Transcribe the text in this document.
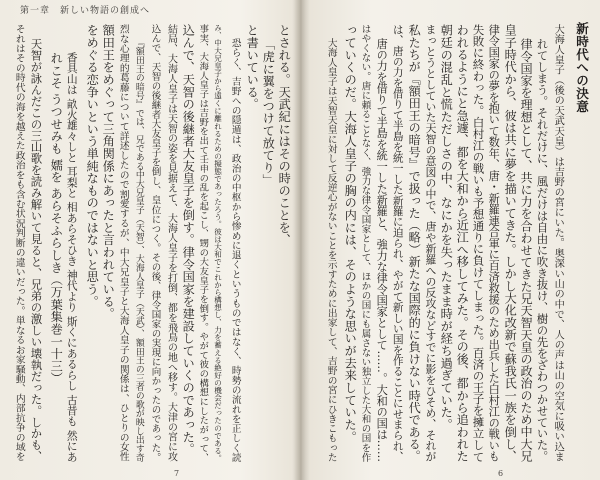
第一章　新しい物語の創成へ
とされる。天武紀にはその時のことを、
「虎に翼をつけて放てり」
と書いている。
恐らく、吉野への隠遁は、政治の中枢から惨めに退くというものではなく、時勢の流れを正しく読
み、中大兄皇子から遠くに離れるための擬態であったろう。彼は大和でこれから構想し、力を蓄える絶好の機会だったのである。
事実、大海人皇子は吉野を出て壬申の乱を起こし、甥の大友皇子を倒す。やがて彼の構想にしたがって、
込んで、天智の後継者大友皇子を倒す。律令国家を建設していくのであった。
結局、大海人皇子は天智の姿を見据えて、大海人皇子を打倒、都を飛鳥の地へ移す。大津の宮に攻
込んで、天智の後継者大友皇子を倒し、皇位につく。その後、律令国家の実現に向かったのであった。
『額田王の暗号』では、兄である中大兄皇子（天智）、大海人皇子（天武）、額田王の三者の歌が映し出す奇
烈な心理的葛藤について詳述したので割愛するが、中大兄皇子と大海人皇子の関係は、ひとりの女性
額田王をめぐって三角関係にあったと言われている。
をめぐる恋争いという単純なものではないと思う。
香具山は 畝火雄々しと 耳梨と 相あらそひき 神代より 斯くにあるらし 古昔も 然にあ
れこそ うつせみも 嬬を あらそふらしき（万葉集巻一十三）
天智が詠んだこの三山歌を読み解いて見ると、兄弟の激しい壊執だった。しかも、
それはその時代の海を越えた政治をも含む状況判断の違いだった。単なるお家騒動、内部抗争の域を
7
新時代への決意
大海人皇子（後の天武天皇）は吉野の宮にいた。奥深い山の中で、人の声は山の空気に吸い込ま
れてしまう。それだけに、風だけは自由に吹き抜け、樹の先をざわつかせていた。
律令国家を理想として、共に力を合わせてきた兄天智天皇の政治のため中大兄
皇子時代から、彼は共に夢を描いてきた。しかし大化改新で蘇我氏一族を倒し、
律令国家の夢を抱いて数年、唐・新羅連合軍に百済救援のため出兵した白村江の戦いも
失敗に終わった。白村江の戦いも予想通りに負けてしまった。百済の王子を擁立して
われるようにと急遽、都を大和から近江へ移してみた。その後、都から追われた
朝廷の混乱と慌ただしさの中、なにかを失ったまま時が経ち過ぎていた。
まっとうとしていた天智の意図の中で、唐や新羅への反攻などすでに影をひそめ、それが
私たちが『額田王の暗号』で扱った（略）新たな国際的に負けない時代である。
は、唐の力を借りて半島を統一した新羅に迫られ、やがて新しい国を作ることにせまられ、
唐の力を借りて半島を統一した新羅と、強力な律令国家として……。大和の国は……
はやくない。唐に頼ることなく、強力な律令国家として、ほかの国にも属さない独立した大和の国を作
っていくのだ。大海人皇子の胸の内には、そのような思いが去来していた。
大海人皇子は天智天皇に対して反逆心がないことを示すために出家して、吉野の宮にひきこもった
6
